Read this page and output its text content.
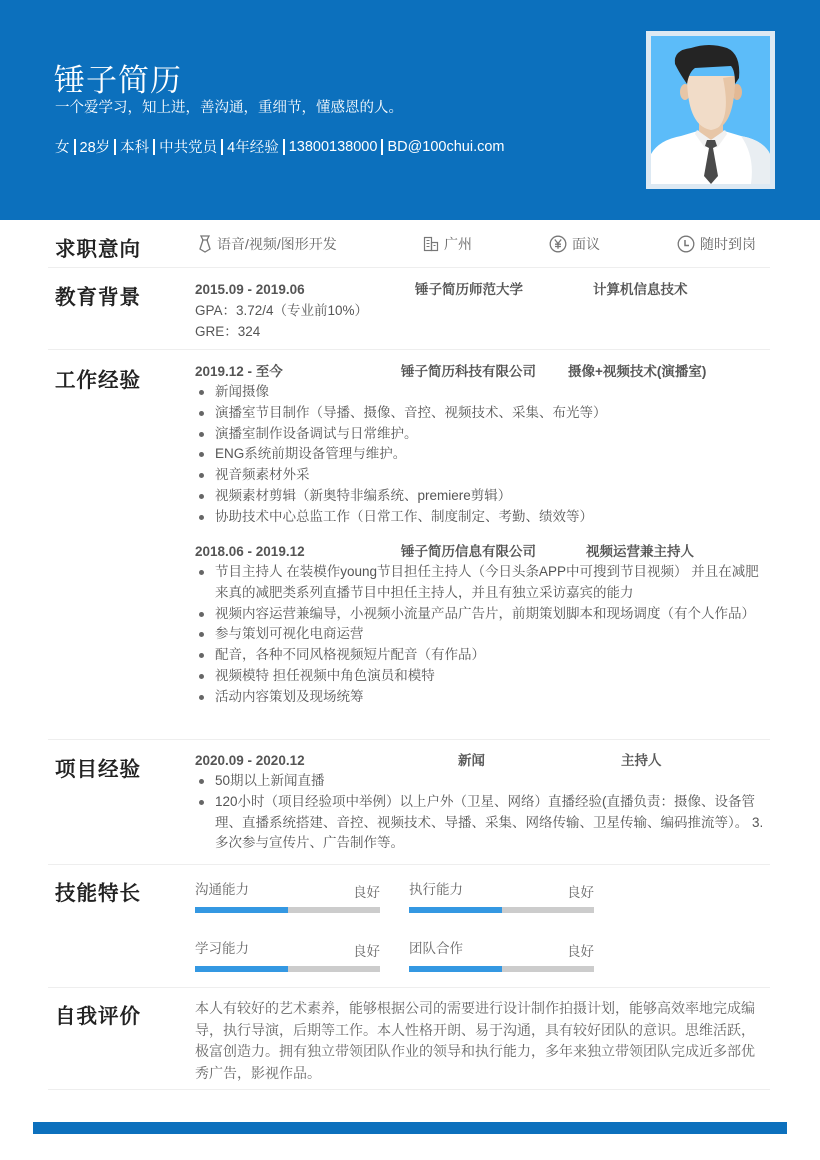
锤子简历
一个爱学习，知上进，善沟通，重细节，懂感恩的人。
女 28岁 本科 中共党员 4年经验 13800138000 BD@100chui.com
求职意向	语音/视频/图形开发	广州	面议	随时到岗
教育背景	2015.09 - 2019.06	锤子简历师范大学	计算机信息技术
GPA：3.72/4（专业前10%）
GRE：324
工作经验	2019.12 - 至今	锤子简历科技有限公司	摄像+视频技术(演播室)
新闻摄像
演播室节目制作（导播、摄像、音控、视频技术、采集、布光等）
演播室制作设备调试与日常维护。
ENG系统前期设备管理与维护。
视音频素材外采
视频素材剪辑（新奥特非编系统、premiere剪辑）
协助技术中心总监工作（日常工作、制度制定、考勤、绩效等）
2018.06 - 2019.12	锤子简历信息有限公司	视频运营兼主持人
节目主持人 在装模作young节目担任主持人（今日头条APP中可搜到节目视频） 并且在减肥来真的减肥类系列直播节目中担任主持人，并且有独立采访嘉宾的能力
视频内容运营兼编导，小视频小流量产品广告片，前期策划脚本和现场调度（有个人作品）
参与策划可视化电商运营
配音，各种不同风格视频短片配音（有作品）
视频模特 担任视频中角色演员和模特
活动内容策划及现场统筹
项目经验	2020.09 - 2020.12	新闻	主持人
50期以上新闻直播
120小时（项目经验项中举例）以上户外（卫星、网络）直播经验(直播负责：摄像、设备管理、直播系统搭建、音控、视频技术、导播、采集、网络传输、卫星传输、编码推流等）。 3.多次参与宣传片、广告制作等。
技能特长	沟通能力	良好 执行能力	良好
学习能力	良好 团队合作	良好
自我评价	本人有较好的艺术素养，能够根据公司的需要进行设计制作拍摄计划，能够高效率地完成编导，执行导演，后期等工作。本人性格开朗、易于沟通，具有较好团队的意识。思维活跃，极富创造力。拥有独立带领团队作业的领导和执行能力，多年来独立带领团队完成近多部优秀广告，影视作品。
